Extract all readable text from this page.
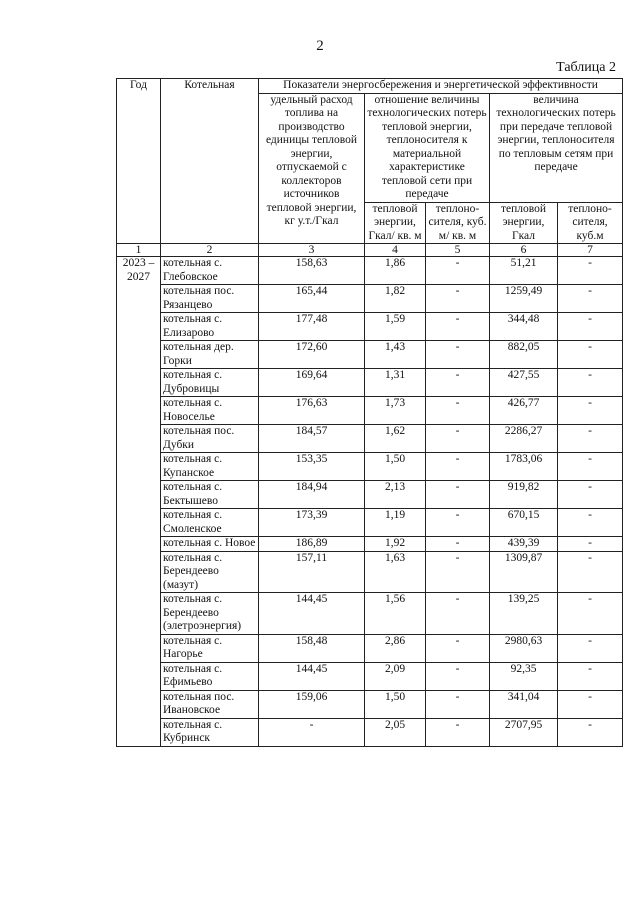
2
Таблица 2
Год	Котельная	Показатели энергосбережения и энергетической эффективности				
		удельный расход топлива на производство единицы тепловой энергии, отпускаемой с коллекторов источников тепловой энергии, кг у.т./Гкал	отношение величины технологических потерь тепловой энергии, теплоносителя к материальной характеристике тепловой сети при передаче		величина технологических потерь при передаче тепловой энергии, теплоносителя по тепловым сетям при передаче	
			тепловой энергии, Гкал/ кв. м	теплоно-сителя, куб. м/ кв. м	тепловой энергии, Гкал	теплоно-сителя, куб.м
1	2	3	4	5	6	7
2023 – 2027	котельная с. Глебовское	158,63	1,86	-	51,21	-
	котельная пос. Рязанцево	165,44	1,82	-	1259,49	-
	котельная с. Елизарово	177,48	1,59	-	344,48	-
	котельная дер. Горки	172,60	1,43	-	882,05	-
	котельная с. Дубровицы	169,64	1,31	-	427,55	-
	котельная с. Новоселье	176,63	1,73	-	426,77	-
	котельная пос. Дубки	184,57	1,62	-	2286,27	-
	котельная с. Купанское	153,35	1,50	-	1783,06	-
	котельная с. Бектышево	184,94	2,13	-	919,82	-
	котельная с. Смоленское	173,39	1,19	-	670,15	-
	котельная с. Новое	186,89	1,92	-	439,39	-
	котельная с. Берендеево (мазут)	157,11	1,63	-	1309,87	-
	котельная с. Берендеево (элетроэнергия)	144,45	1,56	-	139,25	-
	котельная с. Нагорье	158,48	2,86	-	2980,63	-
	котельная с. Ефимьево	144,45	2,09	-	92,35	-
	котельная пос. Ивановское	159,06	1,50	-	341,04	-
	котельная с. Кубринск	-	2,05	-	2707,95	-
